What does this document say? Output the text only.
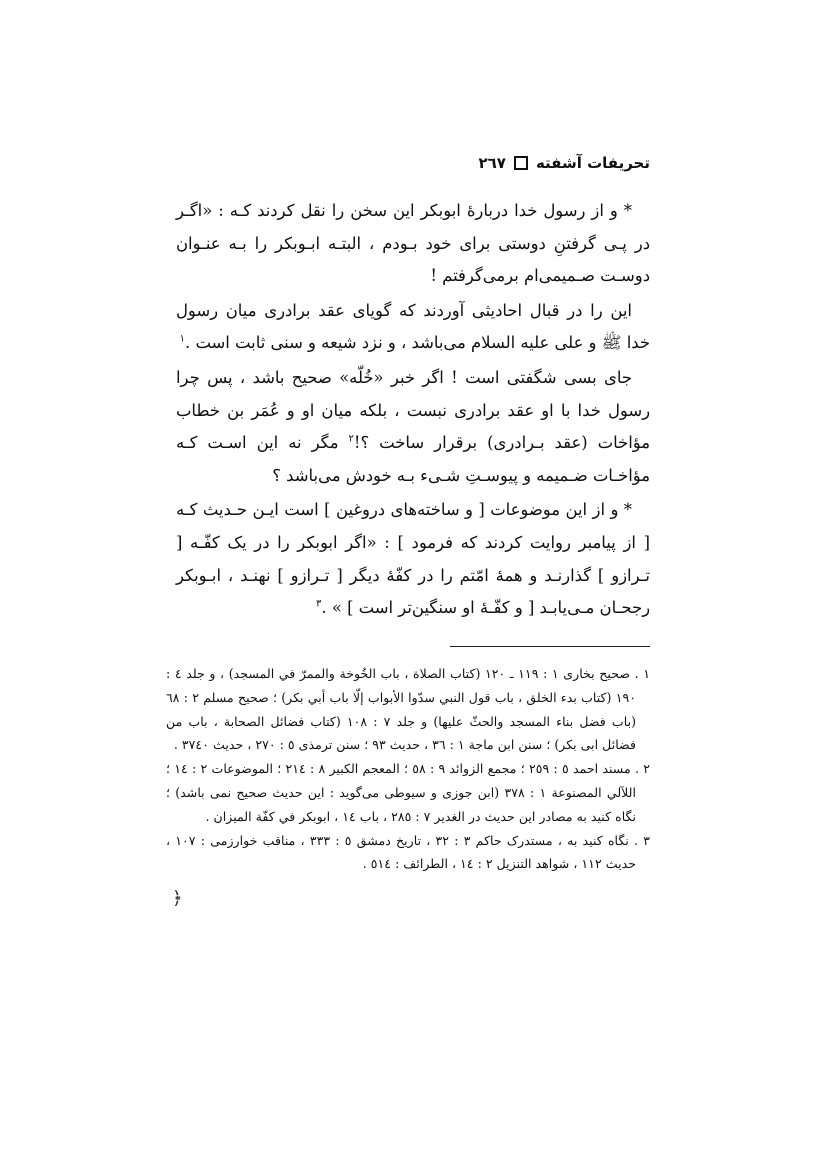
تحریفات آشفته
٢٦٧

* و از رسول خدا دربارهٔ ابوبکر این سخن را نقل کردند کـه : «اگـر در پـی گرفتنِ دوستی برای خود بـودم ، البتـه ابـوبکر را بـه عنـوان دوسـت صـمیمی‌ام برمی‌گرفتم !

این را در قبال احادیثی آوردند که گویای عقد برادری میان رسول خدا ﷺ و علی عليه السلام می‌باشد ، و نزد شیعه و سنی ثابت است .$^١$

جای بسی شگفتی است ! اگر خبر «خُلّه» صحیح باشد ، پس چرا رسول خدا با او عقد برادری نبست ، بلکه میان او و عُمَر بن خطاب مؤاخات (عقد بـرادری) برقرار ساخت ؟!$^٢$ مگر نه این اسـت کـه مؤاخـات ضـمیمه و پیوسـتِ شـیء بـه خودش می‌باشد ؟

* و از این موضوعات [ و ساخته‌های دروغین ] است ایـن حـدیث کـه [ از پیامبر روایت کردند که فرمود ] : «اگر ابوبکر را در یک کفّـه [ تـرازو ] گذارنـد و همهٔ امّتم را در کفّهٔ دیگر [ تـرازو ] نهنـد ، ابـوبکر رجحـان مـی‌یابـد [ و کفّـهٔ او سنگین‌تر است ] » .$^٣$

١ . صحیح بخاری ١ : ١١٩ ـ ١٢٠ (کتاب الصلاة ، باب الخُوخة والممرّ في المسجد) ، و جلد ٤ : ١٩٠ (کتاب بدء الخلق ، باب قول النبي سدّوا الأبواب إلّا باب أبي بكر) ؛ صحیح مسلم ٢ : ٦٨ (باب فضل بناء المسجد والحثّ عليها) و جلد ٧ : ١٠٨ (کتاب فضائل الصحابة ، باب من فضائل ابی بکر) ؛ سنن ابن ماجة ١ : ٣٦ ، حدیث ٩٣ ؛ سنن ترمذی ٥ : ٢٧٠ ، حدیث ٣٧٤٠ .

٢ . مسند احمد ٥ : ٢٥٩ ؛ مجمع الزوائد ٩ : ٥٨ ؛ المعجم الكبير ٨ : ٢١٤ ؛ الموضوعات ٢ : ١٤ ؛ اللآلي المصنوعة ١ : ٣٧٨ (ابن جوزی و سیوطی می‌گوید : این حدیث صحیح نمی باشد) ؛ نگاه کنید به مصادر این حدیث در الغدیر ٧ : ٢٨٥ ، باب ١٤ ، ابوبکر في كفّة الميزان .

٣ . نگاه کنید به ، مستدرک حاکم ٣ : ٣٢ ، تاریخ دمشق ٥ : ٣٣٣ ، مناقب خوارزمی : ١٠٧ ، حدیث ١١٢ ، شواهد التنزیل ٢ : ١٤ ، الطرائف : ٥١٤ .

﴿
